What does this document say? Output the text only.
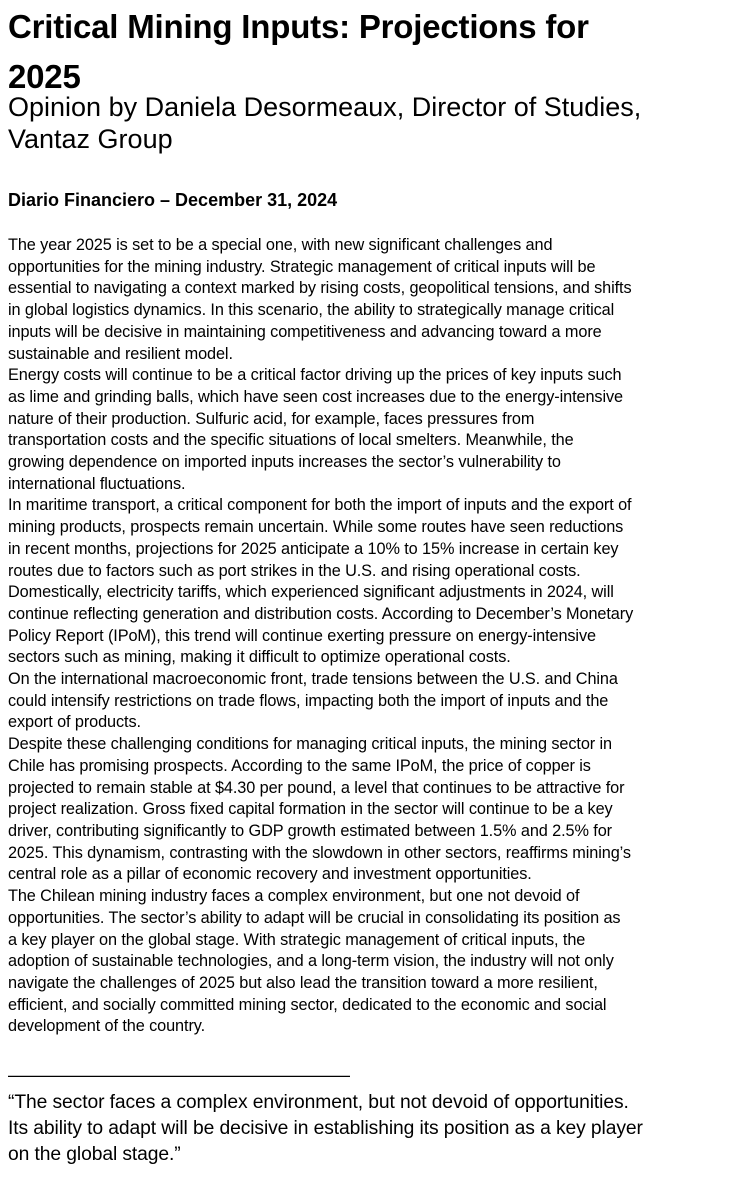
Critical Mining Inputs: Projections for
2025
Opinion by Daniela Desormeaux, Director of Studies,
Vantaz Group
Diario Financiero – December 31, 2024

The year 2025 is set to be a special one, with new significant challenges and

opportunities for the mining industry. Strategic management of critical inputs will be

essential to navigating a context marked by rising costs, geopolitical tensions, and shifts

in global logistics dynamics. In this scenario, the ability to strategically manage critical

inputs will be decisive in maintaining competitiveness and advancing toward a more

sustainable and resilient model.

Energy costs will continue to be a critical factor driving up the prices of key inputs such

as lime and grinding balls, which have seen cost increases due to the energy-intensive

nature of their production. Sulfuric acid, for example, faces pressures from

transportation costs and the specific situations of local smelters. Meanwhile, the

growing dependence on imported inputs increases the sector’s vulnerability to

international fluctuations.

In maritime transport, a critical component for both the import of inputs and the export of

mining products, prospects remain uncertain. While some routes have seen reductions

in recent months, projections for 2025 anticipate a 10% to 15% increase in certain key

routes due to factors such as port strikes in the U.S. and rising operational costs.

Domestically, electricity tariffs, which experienced significant adjustments in 2024, will

continue reflecting generation and distribution costs. According to December’s Monetary

Policy Report (IPoM), this trend will continue exerting pressure on energy-intensive

sectors such as mining, making it difficult to optimize operational costs.

On the international macroeconomic front, trade tensions between the U.S. and China

could intensify restrictions on trade flows, impacting both the import of inputs and the

export of products.

Despite these challenging conditions for managing critical inputs, the mining sector in

Chile has promising prospects. According to the same IPoM, the price of copper is

projected to remain stable at $4.30 per pound, a level that continues to be attractive for

project realization. Gross fixed capital formation in the sector will continue to be a key

driver, contributing significantly to GDP growth estimated between 1.5% and 2.5% for

2025. This dynamism, contrasting with the slowdown in other sectors, reaffirms mining’s

central role as a pillar of economic recovery and investment opportunities.

The Chilean mining industry faces a complex environment, but one not devoid of

opportunities. The sector’s ability to adapt will be crucial in consolidating its position as

a key player on the global stage. With strategic management of critical inputs, the

adoption of sustainable technologies, and a long-term vision, the industry will not only

navigate the challenges of 2025 but also lead the transition toward a more resilient,

efficient, and socially committed mining sector, dedicated to the economic and social

development of the country.

———————————————————
“The sector faces a complex environment, but not devoid of opportunities.
Its ability to adapt will be decisive in establishing its position as a key player
on the global stage.”
